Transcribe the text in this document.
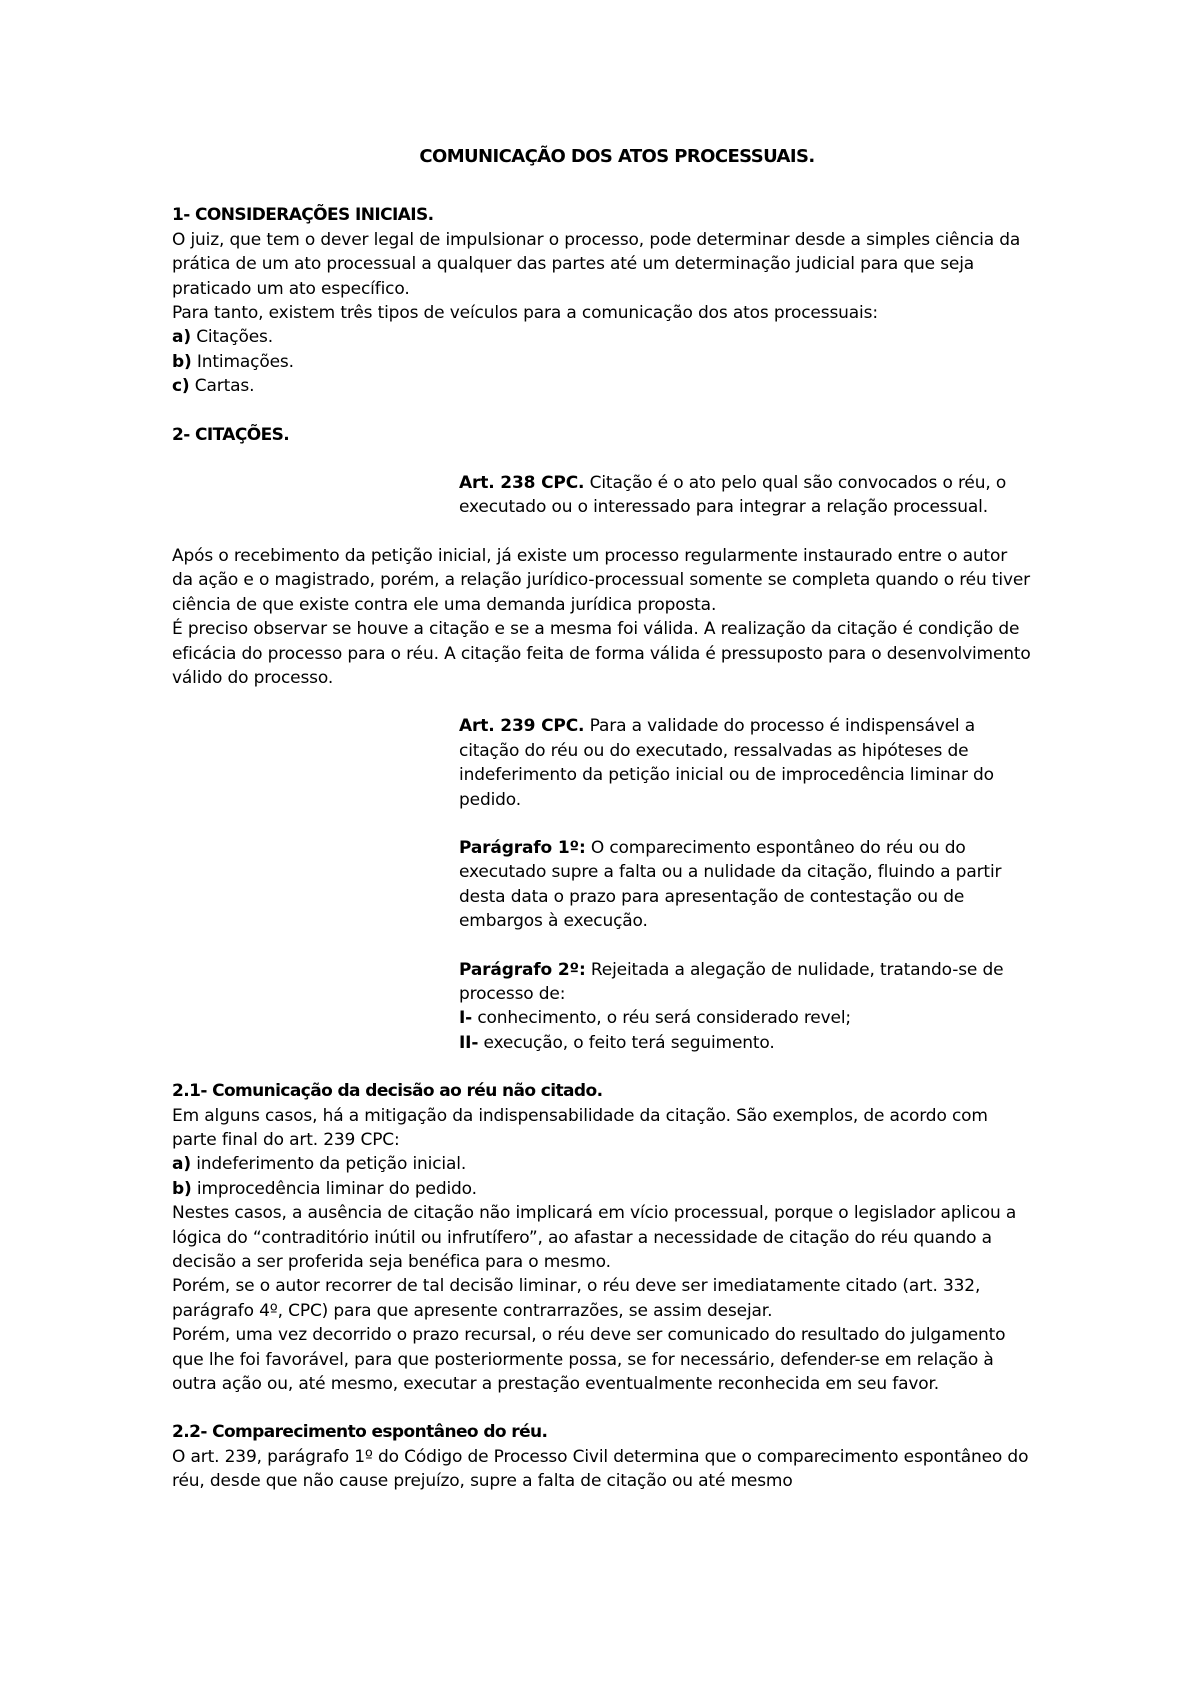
COMUNICAÇÃO DOS ATOS PROCESSUAIS.

1- CONSIDERAÇÕES INICIAIS.

O juiz, que tem o dever legal de impulsionar o processo, pode determinar desde a simples ciência da prática de um ato processual a qualquer das partes até um determinação judicial para que seja praticado um ato específico.

Para tanto, existem três tipos de veículos para a comunicação dos atos processuais:

a) Citações.

b) Intimações.

c) Cartas.

2- CITAÇÕES.

Art. 238 CPC. Citação é o ato pelo qual são convocados o réu, o executado ou o interessado para integrar a relação processual.

Após o recebimento da petição inicial, já existe um processo regularmente instaurado entre o autor da ação e o magistrado, porém, a relação jurídico-processual somente se completa quando o réu tiver ciência de que existe contra ele uma demanda jurídica proposta.

É preciso observar se houve a citação e se a mesma foi válida. A realização da citação é condição de eficácia do processo para o réu. A citação feita de forma válida é pressuposto para o desenvolvimento válido do processo.

Art. 239 CPC. Para a validade do processo é indispensável a citação do réu ou do executado, ressalvadas as hipóteses de indeferimento da petição inicial ou de improcedência liminar do pedido.

Parágrafo 1º: O comparecimento espontâneo do réu ou do executado supre a falta ou a nulidade da citação, fluindo a partir desta data o prazo para apresentação de contestação ou de embargos à execução.

Parágrafo 2º: Rejeitada a alegação de nulidade, tratando-se de processo de:

I- conhecimento, o réu será considerado revel;

II- execução, o feito terá seguimento.

2.1- Comunicação da decisão ao réu não citado.

Em alguns casos, há a mitigação da indispensabilidade da citação. São exemplos, de acordo com parte final do art. 239 CPC:

a) indeferimento da petição inicial.

b) improcedência liminar do pedido.

Nestes casos, a ausência de citação não implicará em vício processual, porque o legislador aplicou a lógica do “contraditório inútil ou infrutífero”, ao afastar a necessidade de citação do réu quando a decisão a ser proferida seja benéfica para o mesmo.

Porém, se o autor recorrer de tal decisão liminar, o réu deve ser imediatamente citado (art. 332, parágrafo 4º, CPC) para que apresente contrarrazões, se assim desejar.

Porém, uma vez decorrido o prazo recursal, o réu deve ser comunicado do resultado do julgamento que lhe foi favorável, para que posteriormente possa, se for necessário, defender-se em relação à outra ação ou, até mesmo, executar a prestação eventualmente reconhecida em seu favor.

2.2- Comparecimento espontâneo do réu.

O art. 239, parágrafo 1º do Código de Processo Civil determina que o comparecimento espontâneo do réu, desde que não cause prejuízo, supre a falta de citação ou até mesmo
